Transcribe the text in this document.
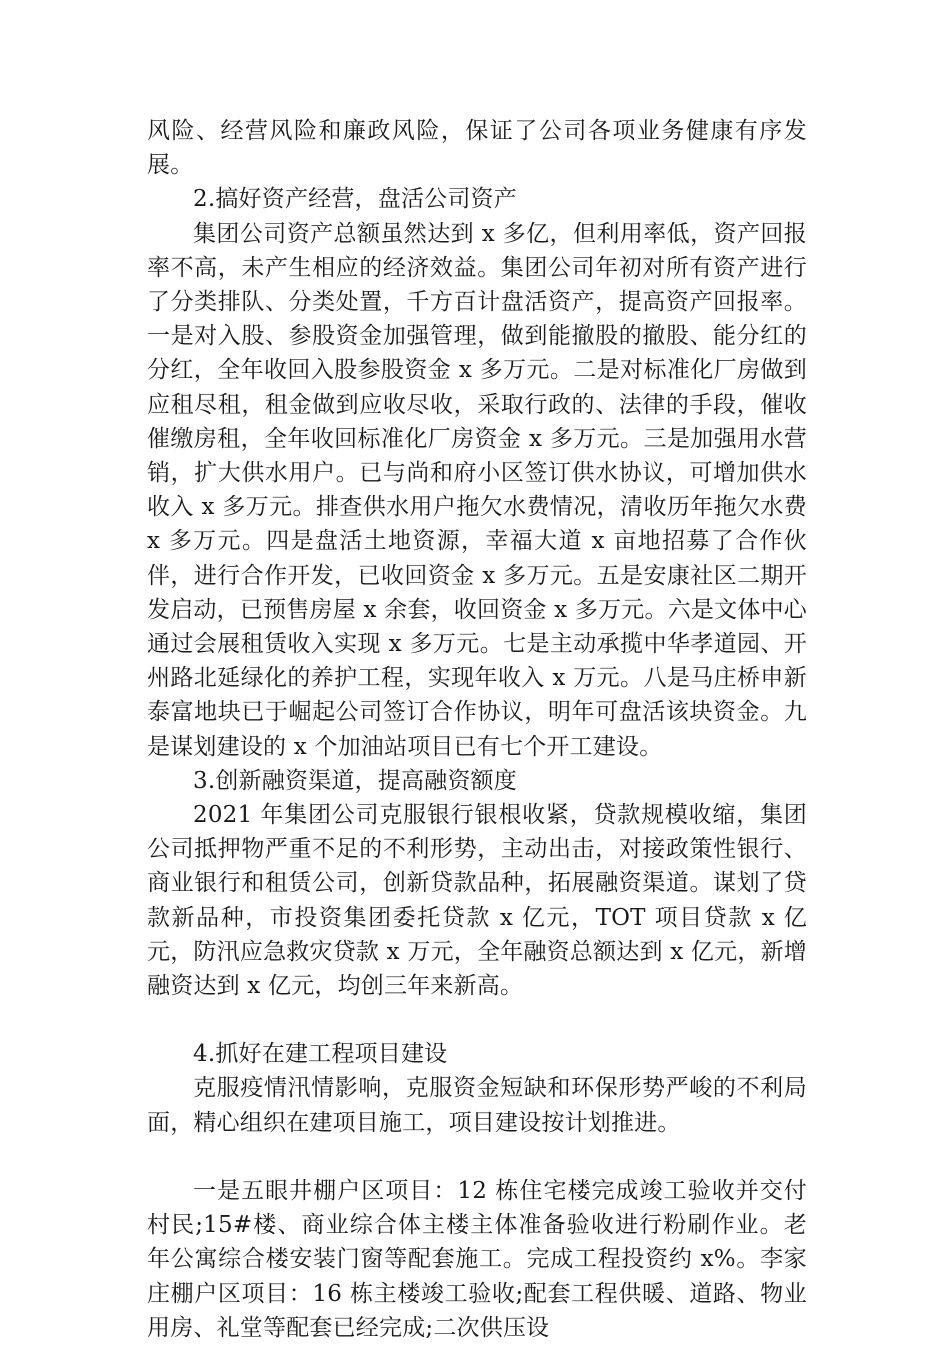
风险、经营风险和廉政风险，保证了公司各项业务健康有序发展。

2.搞好资产经营，盘活公司资产

集团公司资产总额虽然达到 x 多亿，但利用率低，资产回报率不高，未产生相应的经济效益。集团公司年初对所有资产进行了分类排队、分类处置，千方百计盘活资产，提高资产回报率。一是对入股、参股资金加强管理，做到能撤股的撤股、能分红的分红，全年收回入股参股资金 x 多万元。二是对标准化厂房做到应租尽租，租金做到应收尽收，采取行政的、法律的手段，催收催缴房租，全年收回标准化厂房资金 x 多万元。三是加强用水营销，扩大供水用户。已与尚和府小区签订供水协议，可增加供水收入 x 多万元。排查供水用户拖欠水费情况，清收历年拖欠水费 x 多万元。四是盘活土地资源，幸福大道 x 亩地招募了合作伙伴，进行合作开发，已收回资金 x 多万元。五是安康社区二期开发启动，已预售房屋 x 余套，收回资金 x 多万元。六是文体中心通过会展租赁收入实现 x 多万元。七是主动承揽中华孝道园、开州路北延绿化的养护工程，实现年收入 x 万元。八是马庄桥申新泰富地块已于崛起公司签订合作协议，明年可盘活该块资金。九是谋划建设的 x 个加油站项目已有七个开工建设。

3.创新融资渠道，提高融资额度

2021 年集团公司克服银行银根收紧，贷款规模收缩，集团公司抵押物严重不足的不利形势，主动出击，对接政策性银行、商业银行和租赁公司，创新贷款品种，拓展融资渠道。谋划了贷款新品种，市投资集团委托贷款 x 亿元，TOT 项目贷款 x 亿元，防汛应急救灾贷款 x 万元，全年融资总额达到 x 亿元，新增融资达到 x 亿元，均创三年来新高。

4.抓好在建工程项目建设

克服疫情汛情影响，克服资金短缺和环保形势严峻的不利局面，精心组织在建项目施工，项目建设按计划推进。

一是五眼井棚户区项目：12 栋住宅楼完成竣工验收并交付村民;15#楼、商业综合体主楼主体准备验收进行粉刷作业。老年公寓综合楼安装门窗等配套施工。完成工程投资约 x%。李家庄棚户区项目：16 栋主楼竣工验收;配套工程供暖、道路、物业用房、礼堂等配套已经完成;二次供压设
